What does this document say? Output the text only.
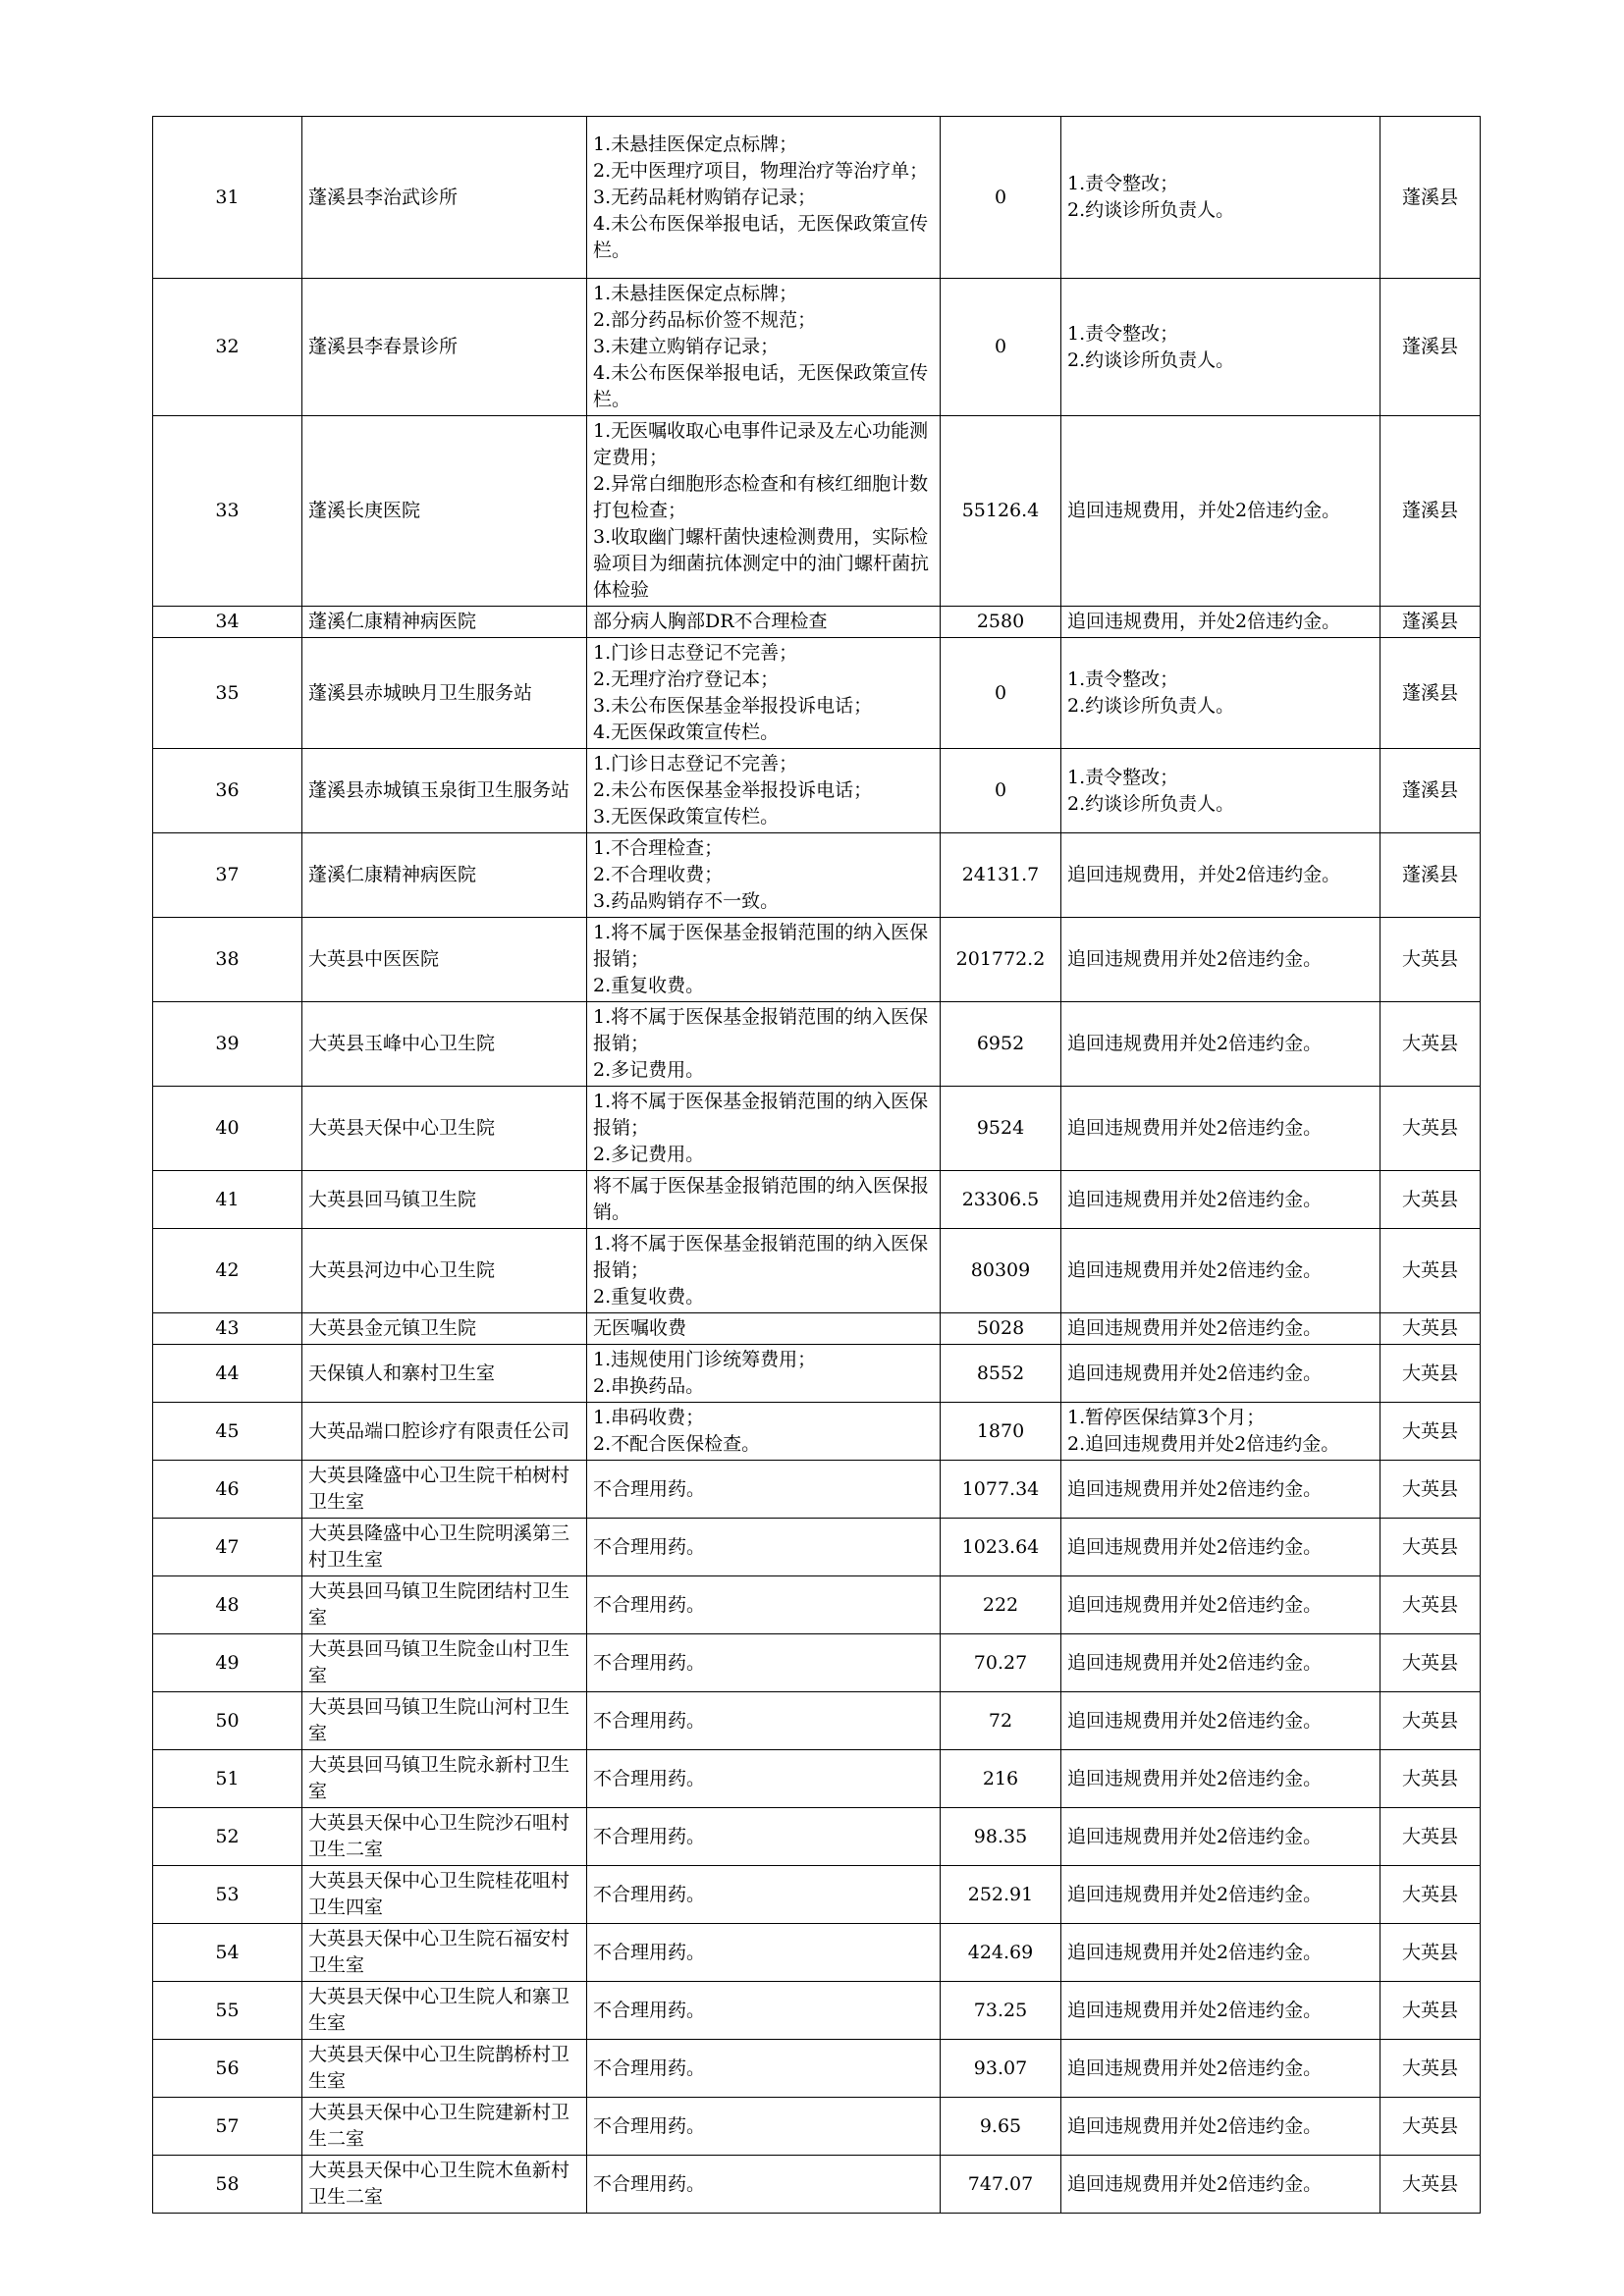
31	蓬溪县李治武诊所	1.未悬挂医保定点标牌；
2.无中医理疗项目，物理治疗等治疗单；
3.无药品耗材购销存记录；
4.未公布医保举报电话，无医保政策宣传栏。	0	1.责令整改；
2.约谈诊所负责人。	蓬溪县
32	蓬溪县李春景诊所	1.未悬挂医保定点标牌；
2.部分药品标价签不规范；
3.未建立购销存记录；
4.未公布医保举报电话，无医保政策宣传栏。	0	1.责令整改；
2.约谈诊所负责人。	蓬溪县
33	蓬溪长庚医院	1.无医嘱收取心电事件记录及左心功能测定费用；
2.异常白细胞形态检查和有核红细胞计数打包检查；
3.收取幽门螺杆菌快速检测费用，实际检验项目为细菌抗体测定中的油门螺杆菌抗体检验	55126.4	追回违规费用，并处2倍违约金。	蓬溪县
34	蓬溪仁康精神病医院	部分病人胸部DR不合理检查	2580	追回违规费用，并处2倍违约金。	蓬溪县
35	蓬溪县赤城映月卫生服务站	1.门诊日志登记不完善；
2.无理疗治疗登记本；
3.未公布医保基金举报投诉电话；
4.无医保政策宣传栏。	0	1.责令整改；
2.约谈诊所负责人。	蓬溪县
36	蓬溪县赤城镇玉泉街卫生服务站	1.门诊日志登记不完善；
2.未公布医保基金举报投诉电话；
3.无医保政策宣传栏。	0	1.责令整改；
2.约谈诊所负责人。	蓬溪县
37	蓬溪仁康精神病医院	1.不合理检查；
2.不合理收费；
3.药品购销存不一致。	24131.7	追回违规费用，并处2倍违约金。	蓬溪县
38	大英县中医医院	1.将不属于医保基金报销范围的纳入医保报销；
2.重复收费。	201772.2	追回违规费用并处2倍违约金。	大英县
39	大英县玉峰中心卫生院	1.将不属于医保基金报销范围的纳入医保报销；
2.多记费用。	6952	追回违规费用并处2倍违约金。	大英县
40	大英县天保中心卫生院	1.将不属于医保基金报销范围的纳入医保报销；
2.多记费用。	9524	追回违规费用并处2倍违约金。	大英县
41	大英县回马镇卫生院	将不属于医保基金报销范围的纳入医保报销。	23306.5	追回违规费用并处2倍违约金。	大英县
42	大英县河边中心卫生院	1.将不属于医保基金报销范围的纳入医保报销；
2.重复收费。	80309	追回违规费用并处2倍违约金。	大英县
43	大英县金元镇卫生院	无医嘱收费	5028	追回违规费用并处2倍违约金。	大英县
44	天保镇人和寨村卫生室	1.违规使用门诊统筹费用；
2.串换药品。	8552	追回违规费用并处2倍违约金。	大英县
45	大英品端口腔诊疗有限责任公司	1.串码收费；
2.不配合医保检查。	1870	1.暂停医保结算3个月；
2.追回违规费用并处2倍违约金。	大英县
46	大英县隆盛中心卫生院干柏树村卫生室	不合理用药。	1077.34	追回违规费用并处2倍违约金。	大英县
47	大英县隆盛中心卫生院明溪第三村卫生室	不合理用药。	1023.64	追回违规费用并处2倍违约金。	大英县
48	大英县回马镇卫生院团结村卫生室	不合理用药。	222	追回违规费用并处2倍违约金。	大英县
49	大英县回马镇卫生院金山村卫生室	不合理用药。	70.27	追回违规费用并处2倍违约金。	大英县
50	大英县回马镇卫生院山河村卫生室	不合理用药。	72	追回违规费用并处2倍违约金。	大英县
51	大英县回马镇卫生院永新村卫生室	不合理用药。	216	追回违规费用并处2倍违约金。	大英县
52	大英县天保中心卫生院沙石咀村卫生二室	不合理用药。	98.35	追回违规费用并处2倍违约金。	大英县
53	大英县天保中心卫生院桂花咀村卫生四室	不合理用药。	252.91	追回违规费用并处2倍违约金。	大英县
54	大英县天保中心卫生院石福安村卫生室	不合理用药。	424.69	追回违规费用并处2倍违约金。	大英县
55	大英县天保中心卫生院人和寨卫生室	不合理用药。	73.25	追回违规费用并处2倍违约金。	大英县
56	大英县天保中心卫生院鹊桥村卫生室	不合理用药。	93.07	追回违规费用并处2倍违约金。	大英县
57	大英县天保中心卫生院建新村卫生二室	不合理用药。	9.65	追回违规费用并处2倍违约金。	大英县
58	大英县天保中心卫生院木鱼新村卫生二室	不合理用药。	747.07	追回违规费用并处2倍违约金。	大英县
